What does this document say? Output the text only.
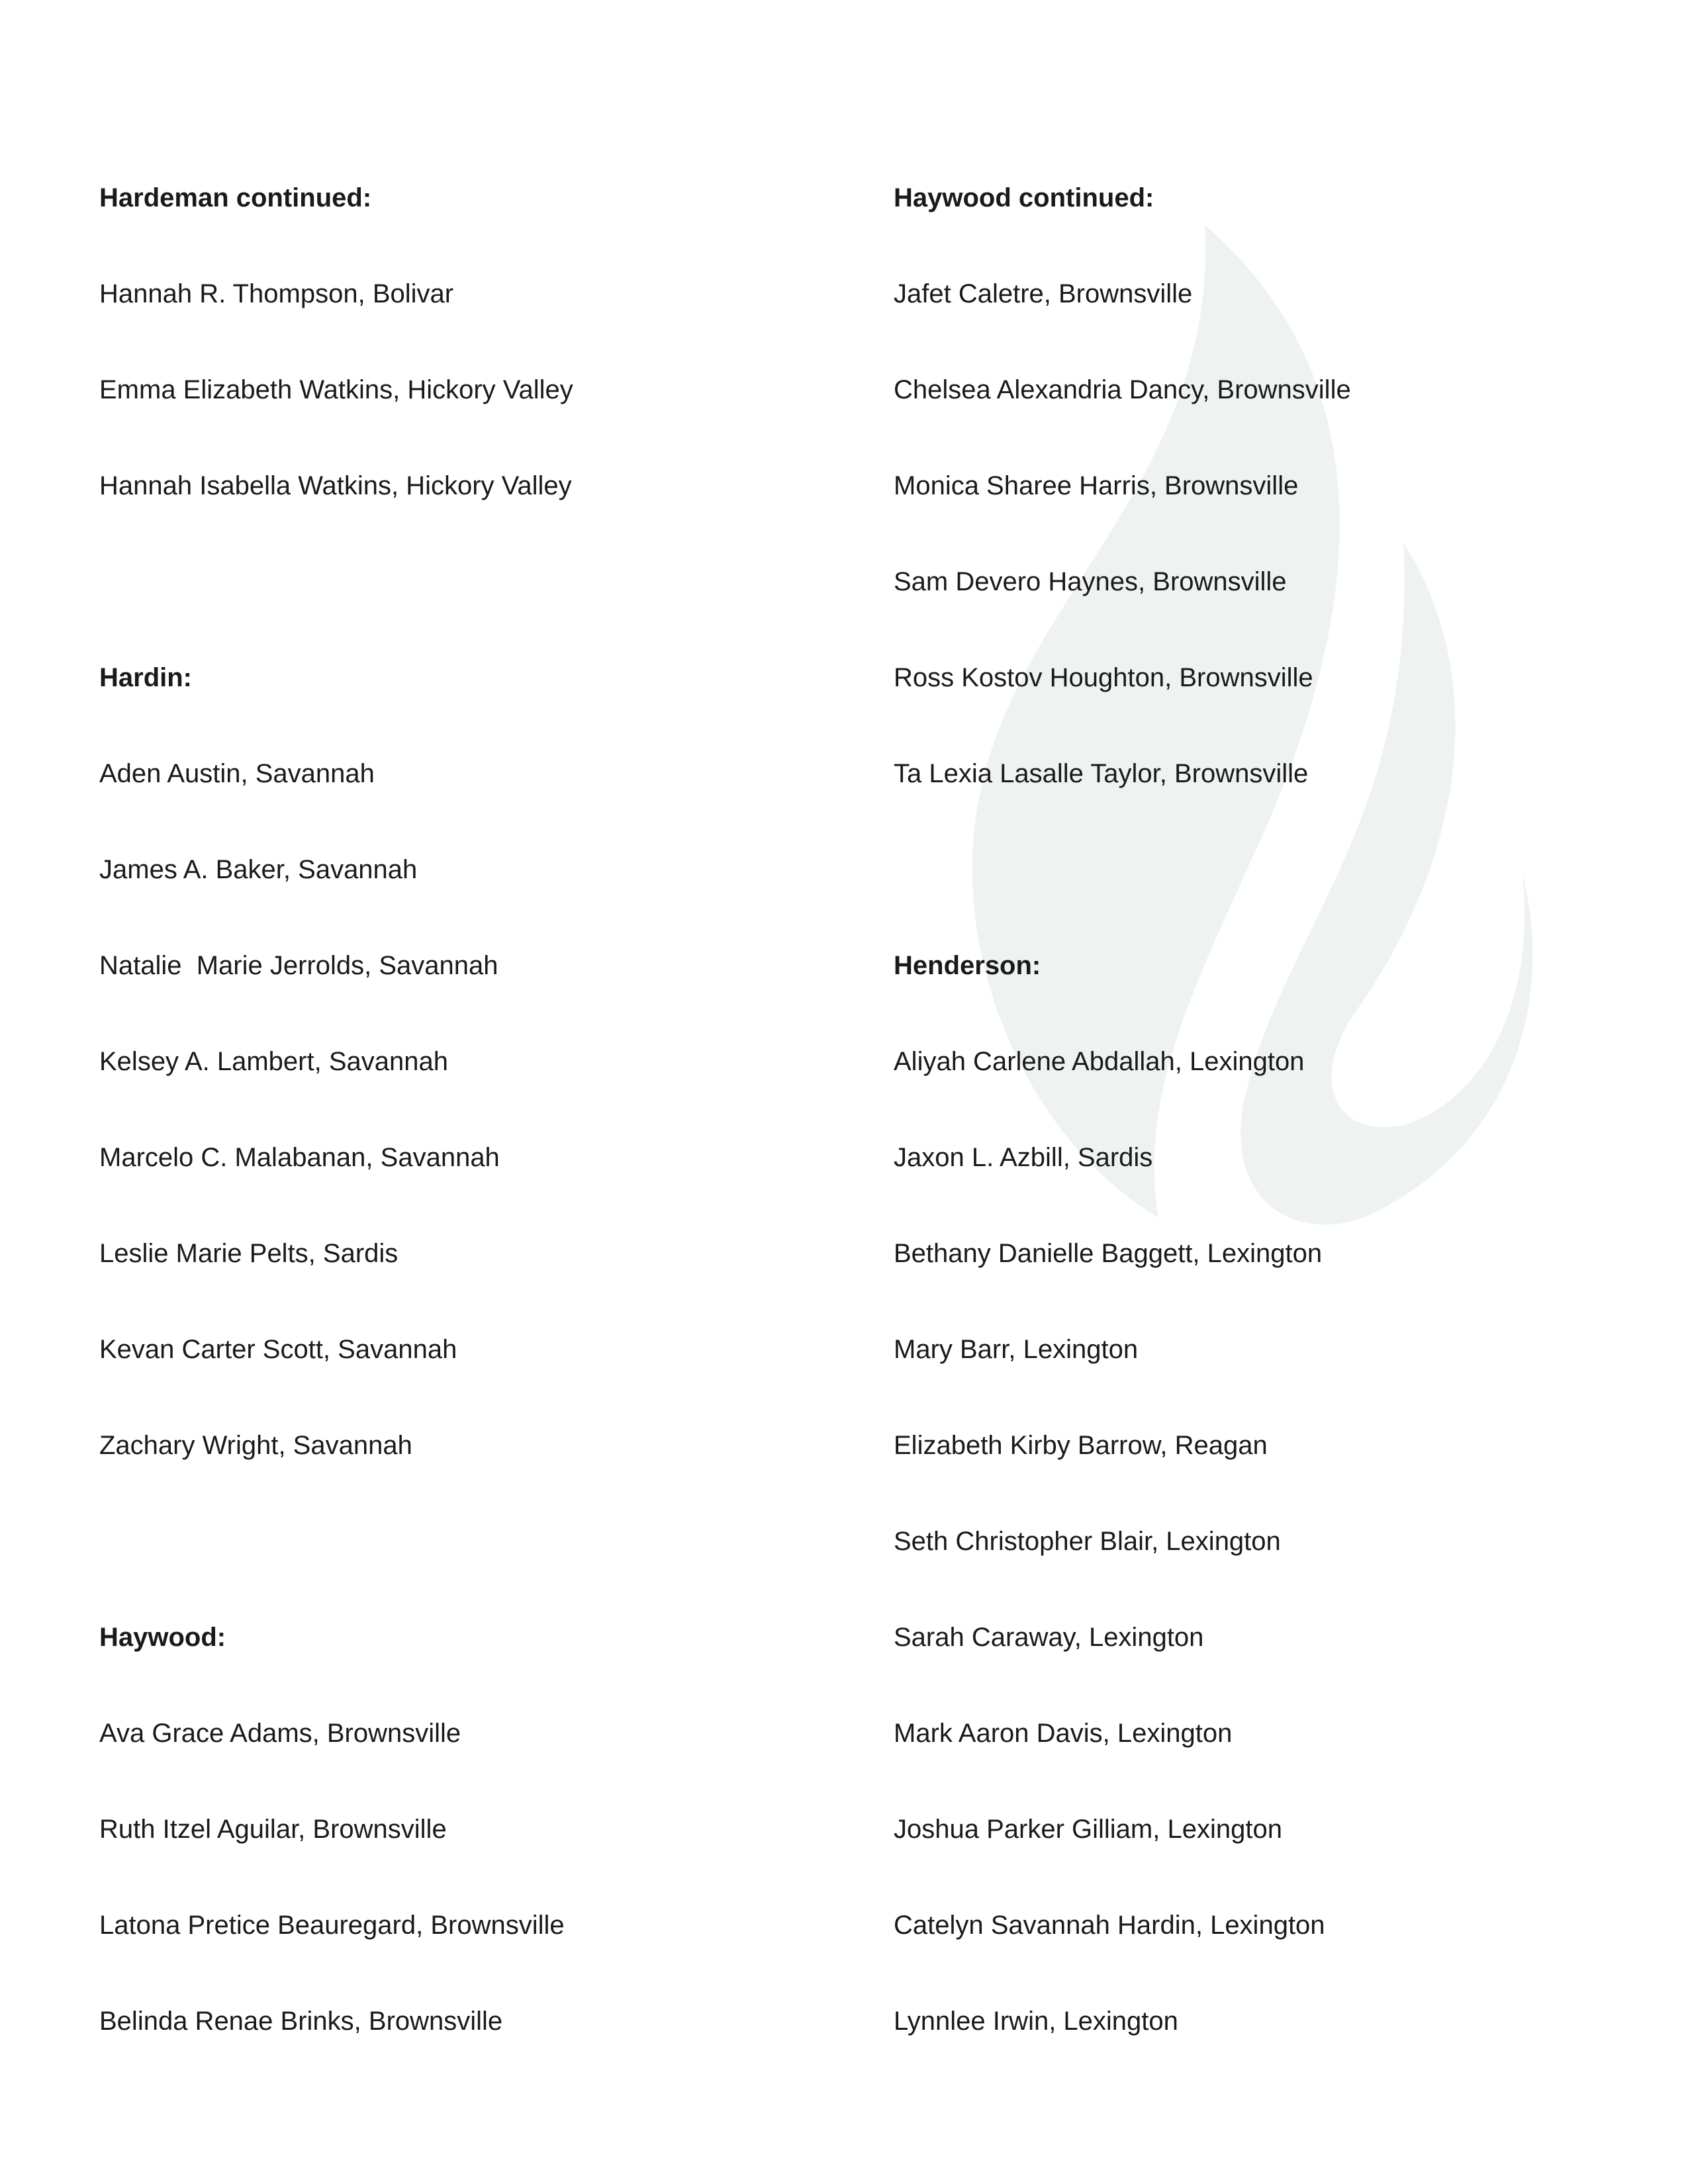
Hardeman continued:
Hannah R. Thompson, Bolivar
Emma Elizabeth Watkins, Hickory Valley
Hannah Isabella Watkins, Hickory Valley
Hardin:
Aden Austin, Savannah
James A. Baker, Savannah
Natalie  Marie Jerrolds, Savannah
Kelsey A. Lambert, Savannah
Marcelo C. Malabanan, Savannah
Leslie Marie Pelts, Sardis
Kevan Carter Scott, Savannah
Zachary Wright, Savannah
Haywood:
Ava Grace Adams, Brownsville
Ruth Itzel Aguilar, Brownsville
Latona Pretice Beauregard, Brownsville
Belinda Renae Brinks, Brownsville
Haywood continued:
Jafet Caletre, Brownsville
Chelsea Alexandria Dancy, Brownsville
Monica Sharee Harris, Brownsville
Sam Devero Haynes, Brownsville
Ross Kostov Houghton, Brownsville
Ta Lexia Lasalle Taylor, Brownsville
Henderson:
Aliyah Carlene Abdallah, Lexington
Jaxon L. Azbill, Sardis
Bethany Danielle Baggett, Lexington
Mary Barr, Lexington
Elizabeth Kirby Barrow, Reagan
Seth Christopher Blair, Lexington
Sarah Caraway, Lexington
Mark Aaron Davis, Lexington
Joshua Parker Gilliam, Lexington
Catelyn Savannah Hardin, Lexington
Lynnlee Irwin, Lexington
